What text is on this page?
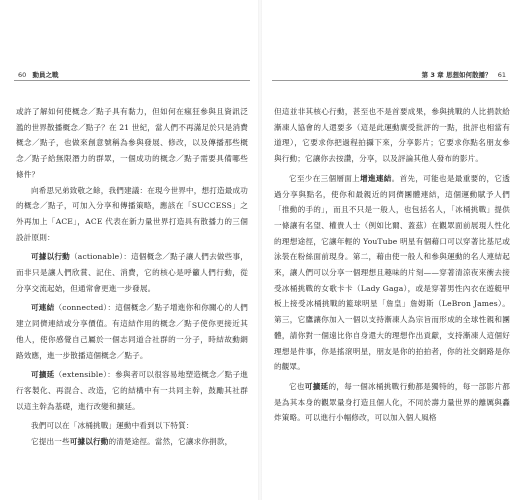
60 動員之戰

或許了解如何使概念／點子具有黏力，但如何在瘋狂參與且資訊泛濫的世界散播概念／點子？在 21 世紀，當人們不再滿足於只是消費概念／點子，也做來創意號稱為參與發展、修改，以及傳播那些概念／點子給無限潛力的群眾，一個成功的概念／點子需要具備哪些條件？

向希思兄弟致敬之餘，我們建議：在現今世界中，想打造最成功的概念／點子，可加入分享和傳播策略，應該在「SUCCESS」之外再加上「ACE」，ACE 代表在新力量世界打造具有散播力的三個設計原則：

可據以行動（actionable）：這個概念／點子讓人們去做些事，而非只是讓人們欣賞、記住、消費，它的核心是呼籲人們行動，從分享交流起始，但通常會更進一步發展。

可連結（connected）：這個概念／點子增進你和你關心的人們建立同儕連結或分享價值。有這結作用的概念／點子使你更接近其他人，使你感覺自己屬於一個志同道合社群的一分子，時結故動網路效應，進一步散播這個概念／點子。

可擴延（extensible）：參與者可以很容易地塑造概念／點子進行客製化、再混合、改造，它的結構中有一共同主幹，鼓勵其社群以這主幹為基礎，進行改變和擴延。

我們可以在「冰桶挑戰」運動中看到以下特質：

它提出一些可據以行動的清楚途徑。當然，它讓求你捐款，

第 3 章 思想如何散播？ 61

但這並非其核心行動，甚至也不是首要成果，參與挑戰的人比捐款給漸凍人協會的人還要多（這是此運動廣受批評的一點，批評也相當有道理），它要求你把過程拍攝下來，分享影片；它要求你點名朋友參與行動；它讓你去按讚，分享，以及評論其他人發布的影片。

它至少在三個層面上增進連結。首先，可能也是最重要的，它透過分享與點名，使你和最親近的同儕團體連結，這個運動賦予人們「推動的手的」，而且不只是一般人，也包括名人，「冰桶挑戰」提供一條讓有名望、權貴人士（例如比爾、蓋茲）在觀眾面前展現人性化的理想途徑，它讓年輕的 YouTube 明星有個藉口可以穿著比基尼或泳裝在粉絲面前現身。第二，藉由使一般人和參與運動的名人連結起來，讓人們可以分享一個理想且趣味的片刻——穿著清涼夜來衝去接受冰桶挑戰的女歌卡卡（Lady Gaga），或是穿著男性內衣在遊艇甲板上接受冰桶挑戰的籃球明星「詹皇」詹姆斯（LeBron James）。第三，它鷹讓你加入一個以支持漸凍人為宗旨而形成的全球性親和團體，請你對一個遠比你自身還大的理想作出貢獻，支持漸凍人這個好理想是件事，你是搖滾明星，朋友是你的拍拍者，你的社交網路是你的觀眾。

它也可擴延的，每一個冰桶挑戰行動都是獨特的，每一部影片都是為其本身的觀眾量身打造且個人化，不同於壽力量世界的離厲與轟炸策略。可以進行小幅修改，可以加入個人風格
